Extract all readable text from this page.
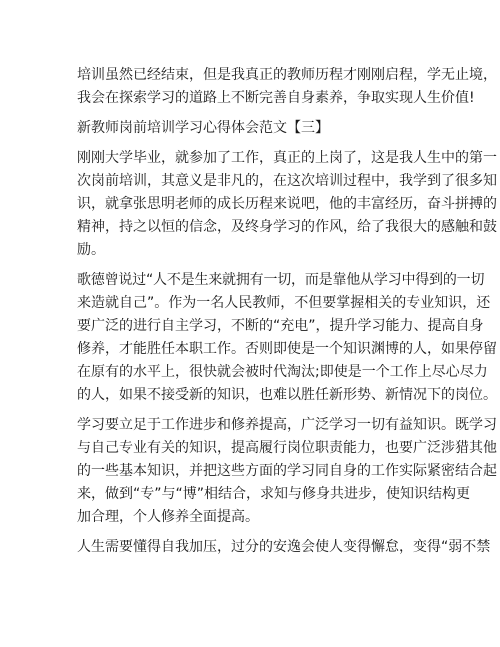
培训虽然已经结束，但是我真正的教师历程才刚刚启程，学无止境，
我会在探索学习的道路上不断完善自身素养，争取实现人生价值!
新教师岗前培训学习心得体会范文【三】
刚刚大学毕业，就参加了工作，真正的上岗了，这是我人生中的第一
次岗前培训，其意义是非凡的，在这次培训过程中，我学到了很多知
识，就拿张思明老师的成长历程来说吧，他的丰富经历，奋斗拼搏的
精神，持之以恒的信念，及终身学习的作风，给了我很大的感触和鼓
励。
歌德曾说过“人不是生来就拥有一切，而是靠他从学习中得到的一切
来造就自己”。作为一名人民教师，不但要掌握相关的专业知识，还
要广泛的进行自主学习，不断的“充电”，提升学习能力、提高自身
修养，才能胜任本职工作。否则即使是一个知识渊博的人，如果停留
在原有的水平上，很快就会被时代淘汰;即使是一个工作上尽心尽力
的人，如果不接受新的知识，也难以胜任新形势、新情况下的岗位。
学习要立足于工作进步和修养提高，广泛学习一切有益知识。既学习
与自己专业有关的知识，提高履行岗位职责能力，也要广泛涉猎其他
的一些基本知识，并把这些方面的学习同自身的工作实际紧密结合起
来，做到“专”与“博”相结合，求知与修身共进步，使知识结构更
加合理，个人修养全面提高。
人生需要懂得自我加压，过分的安逸会使人变得懈怠，变得“弱不禁
